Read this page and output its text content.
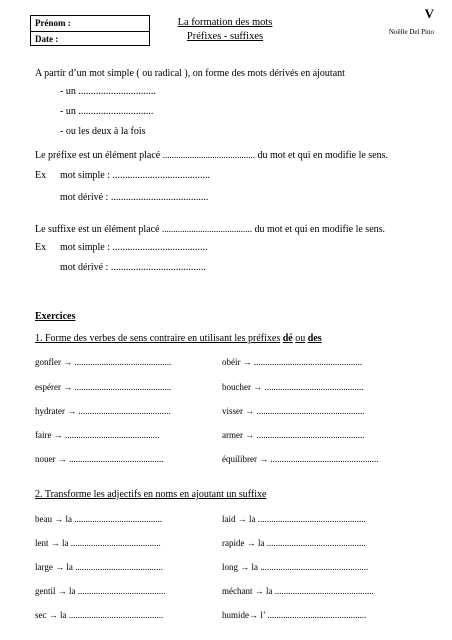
Prénom :
Date :
La formation des mots
Préfixes - suffixes
V
Noëlle Del Pino
A partir d’un mot simple ( ou radical ), on forme des mots dérivés en ajoutant
- un ...............................
- un ..............................
- ou les deux à la fois
Le préfixe est un élément placé ......................................... du mot et qui en modifie le sens.
Ex mot simple : .......................................
mot dérivé : .......................................
Le suffixe est un élément placé ........................................ du mot et qui en modifie le sens.
Ex mot simple : ......................................
mot dérivé : ......................................
Exercices
1. Forme des verbes de sens contraire en utilisant les préfixes dé ou des
gonfler → ...........................................	obéir → ................................................
espérer → ...........................................	boucher → ............................................
hydrater → .........................................	visser → ................................................
faire → ..........................................	armer → ................................................
nouer → ..........................................	équilibrer → ................................................
2. Transforme les adjectifs en noms en ajoutant un suffixe
beau → la .......................................	laid → la ................................................
lent → la ........................................	rapide → la ............................................
large → la .......................................	long → la ................................................
gentil → la .......................................	méchant → la ............................................
sec → la ..........................................	humide→ l’ ............................................
